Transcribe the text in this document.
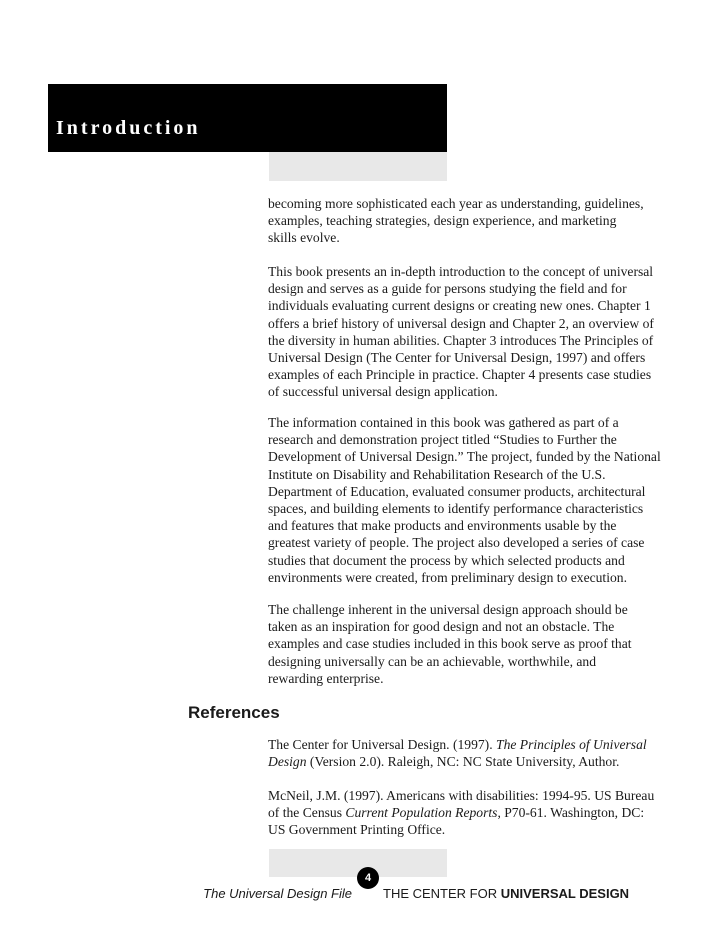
Introduction

becoming more sophisticated each year as understanding, guidelines,

examples, teaching strategies, design experience, and marketing

skills evolve.

This book presents an in-depth introduction to the concept of universal

design and serves as a guide for persons studying the field and for

individuals evaluating current designs or creating new ones. Chapter 1

offers a brief history of universal design and Chapter 2, an overview of

the diversity in human abilities. Chapter 3 introduces The Principles of

Universal Design (The Center for Universal Design, 1997) and offers

examples of each Principle in practice. Chapter 4 presents case studies

of successful universal design application.

The information contained in this book was gathered as part of a

research and demonstration project titled “Studies to Further the

Development of Universal Design.” The project, funded by the National

Institute on Disability and Rehabilitation Research of the U.S.

Department of Education, evaluated consumer products, architectural

spaces, and building elements to identify performance characteristics

and features that make products and environments usable by the

greatest variety of people. The project also developed a series of case

studies that document the process by which selected products and

environments were created, from preliminary design to execution.

The challenge inherent in the universal design approach should be

taken as an inspiration for good design and not an obstacle. The

examples and case studies included in this book serve as proof that

designing universally can be an achievable, worthwhile, and

rewarding enterprise.

References

The Center for Universal Design. (1997). The Principles of Universal

Design (Version 2.0). Raleigh, NC: NC State University, Author.

McNeil, J.M. (1997). Americans with disabilities: 1994-95. US Bureau

of the Census Current Population Reports, P70-61. Washington, DC:

US Government Printing Office.

4
The Universal Design File THE CENTER FOR UNIVERSAL DESIGN
